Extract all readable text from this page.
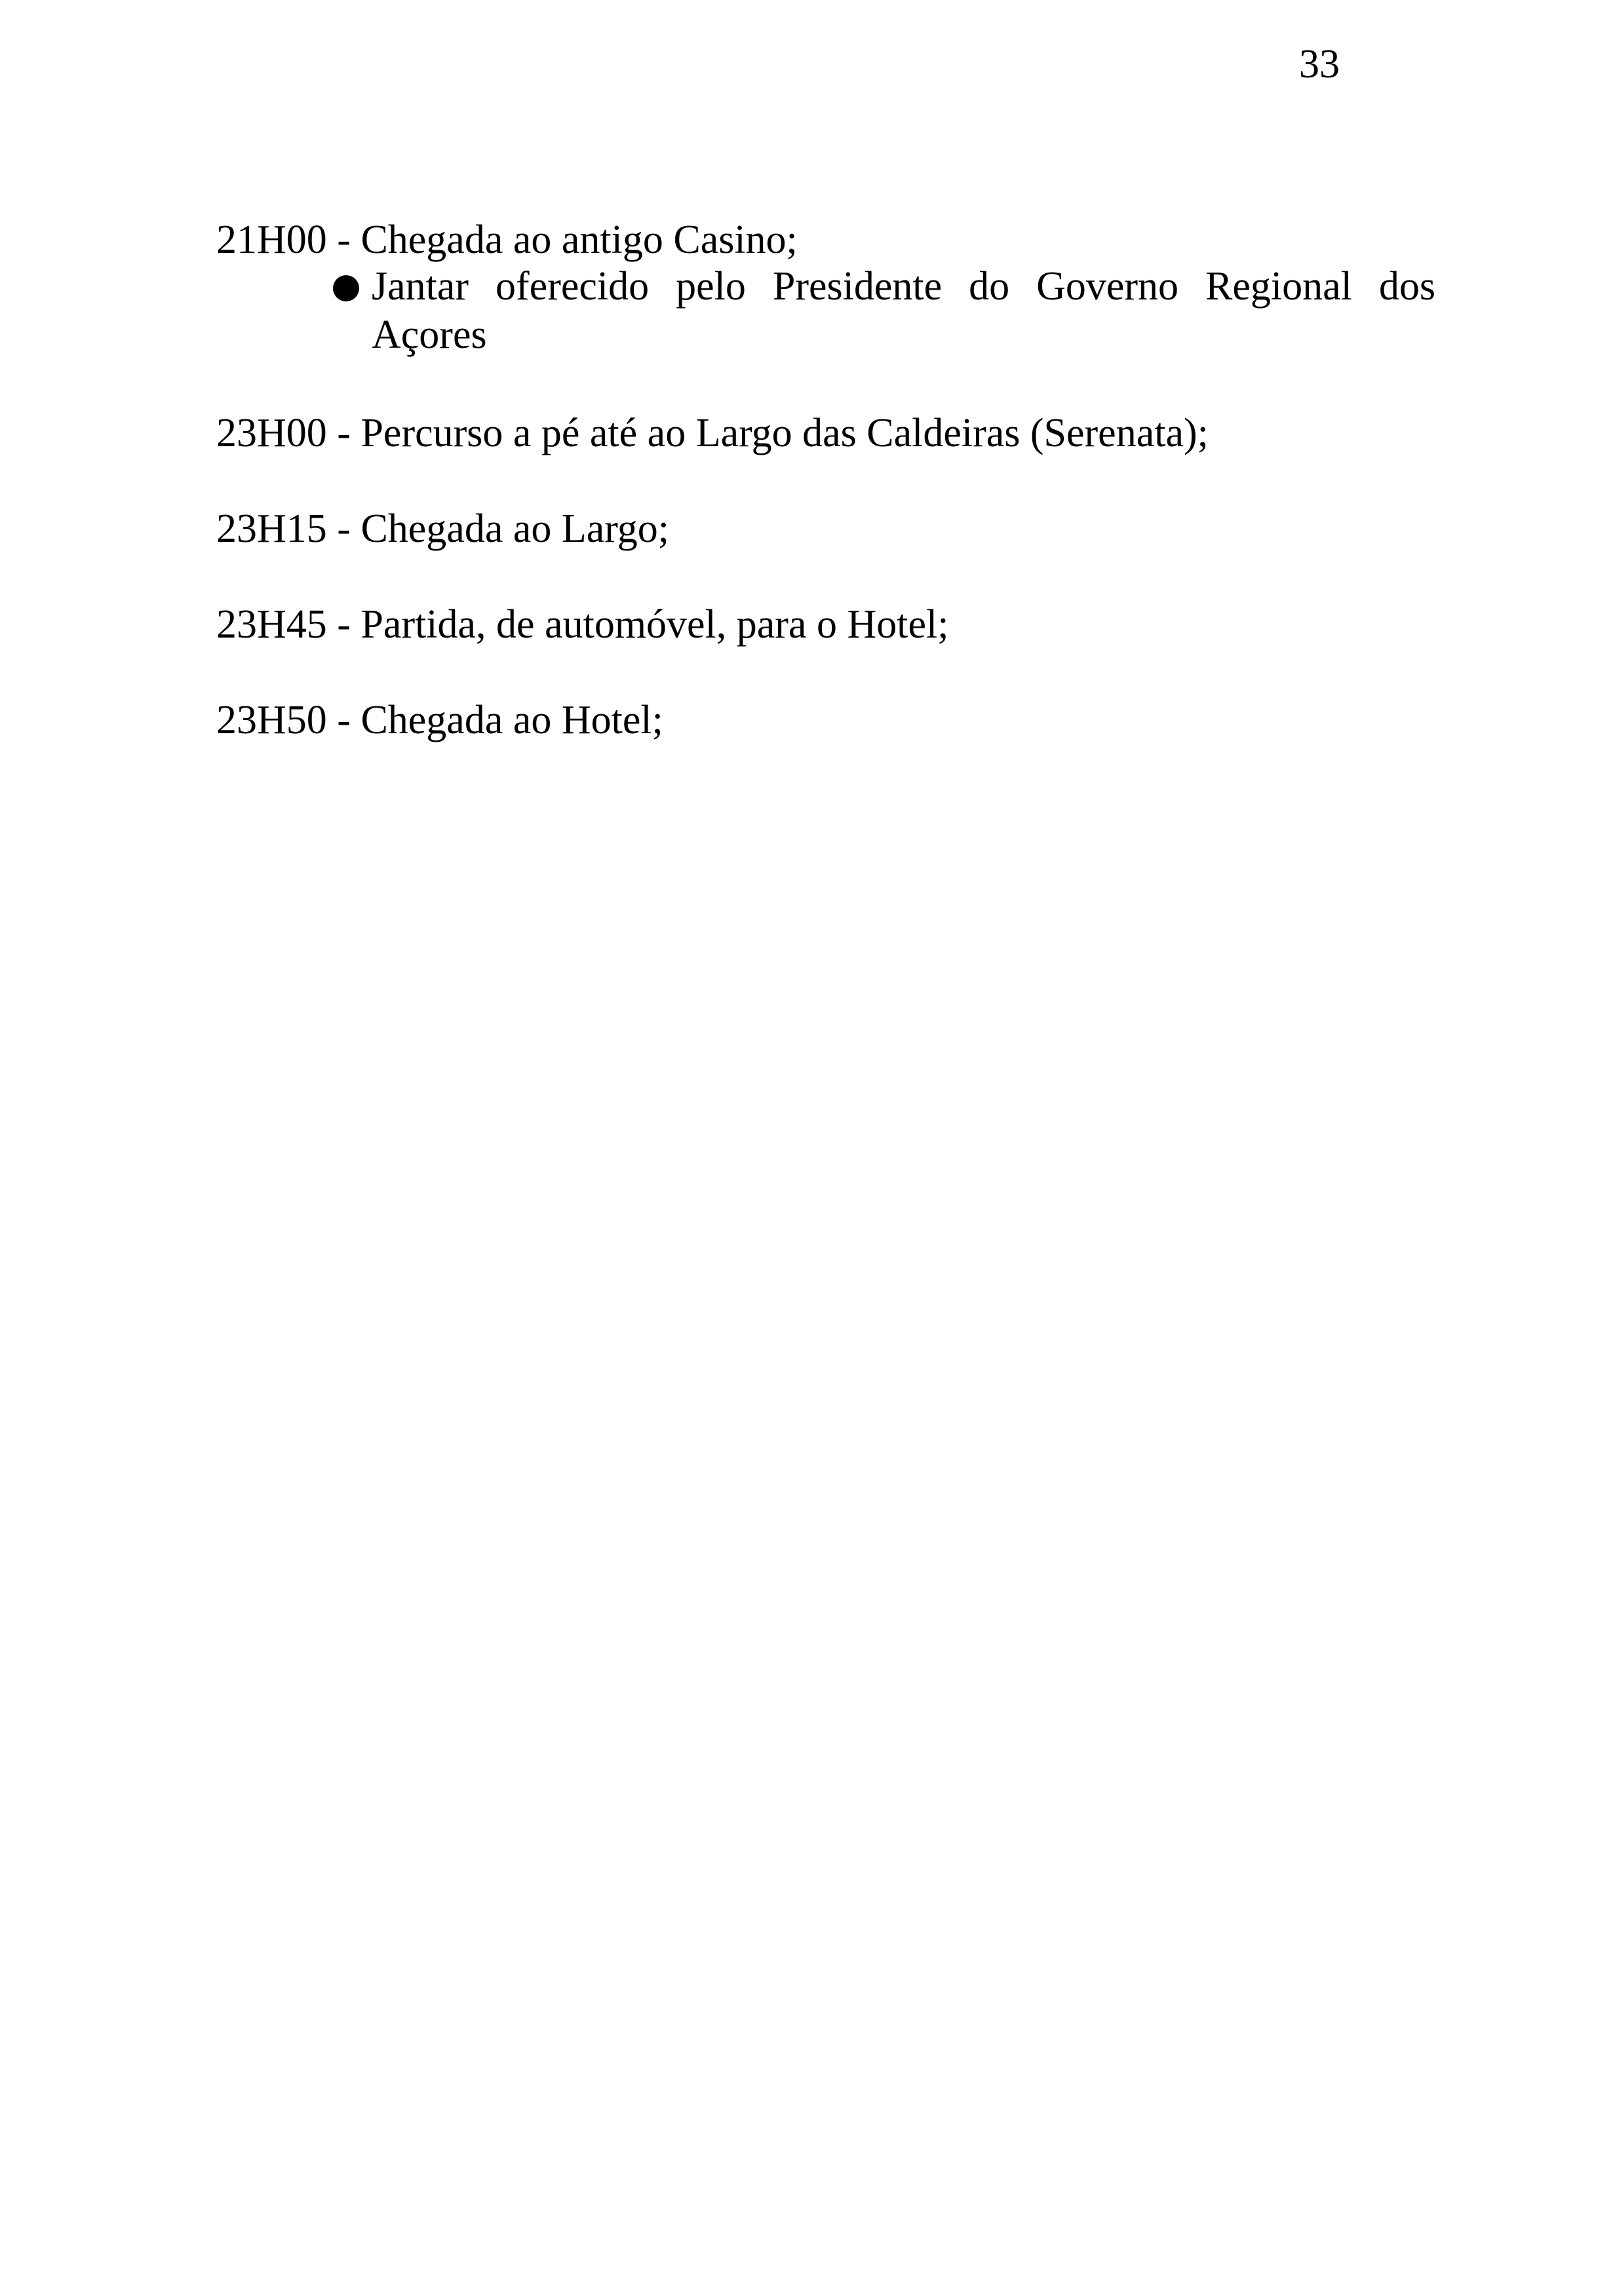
33
21H00 - Chegada ao antigo Casino;
Jantar oferecido pelo Presidente do Governo Regional dos Açores
23H00 - Percurso a pé até ao Largo das Caldeiras (Serenata);
23H15 - Chegada ao Largo;
23H45 - Partida, de automóvel, para o Hotel;
23H50 - Chegada ao Hotel;
